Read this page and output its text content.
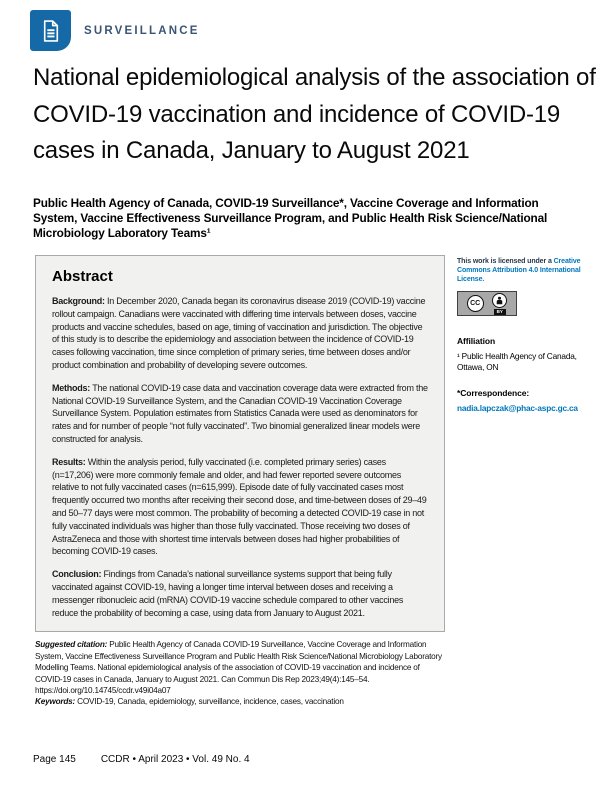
SURVEILLANCE
National epidemiological analysis of the association of COVID-19 vaccination and incidence of COVID-19 cases in Canada, January to August 2021

Public Health Agency of Canada, COVID-19 Surveillance*, Vaccine Coverage and Information System, Vaccine Effectiveness Surveillance Program, and Public Health Risk Science/National Microbiology Laboratory Teams¹

Abstract

Background: In December 2020, Canada began its coronavirus disease 2019 (COVID-19) vaccine rollout campaign. Canadians were vaccinated with differing time intervals between doses, vaccine products and vaccine schedules, based on age, timing of vaccination and jurisdiction. The objective of this study is to describe the epidemiology and association between the incidence of COVID-19 cases following vaccination, time since completion of primary series, time between doses and/or product combination and probability of developing severe outcomes.

Methods: The national COVID-19 case data and vaccination coverage data were extracted from the National COVID-19 Surveillance System, and the Canadian COVID-19 Vaccination Coverage Surveillance System. Population estimates from Statistics Canada were used as denominators for rates and for number of people “not fully vaccinated”. Two binomial generalized linear models were constructed for analysis.

Results: Within the analysis period, fully vaccinated (i.e. completed primary series) cases (n=17,206) were more commonly female and older, and had fewer reported severe outcomes relative to not fully vaccinated cases (n=615,999). Episode date of fully vaccinated cases most frequently occurred two months after receiving their second dose, and time-between doses of 29–49 and 50–77 days were most common. The probability of becoming a detected COVID-19 case in not fully vaccinated individuals was higher than those fully vaccinated. Those receiving two doses of AstraZeneca and those with shortest time intervals between doses had higher probabilities of becoming COVID-19 cases.

Conclusion: Findings from Canada’s national surveillance systems support that being fully vaccinated against COVID-19, having a longer time interval between doses and receiving a messenger ribonucleic acid (mRNA) COVID-19 vaccine schedule compared to other vaccines reduce the probability of becoming a case, using data from January to August 2021.

Suggested citation: Public Health Agency of Canada COVID-19 Surveillance, Vaccine Coverage and Information System, Vaccine Effectiveness Surveillance Program and Public Health Risk Science/National Microbiology Laboratory Modelling Teams. National epidemiological analysis of the association of COVID-19 vaccination and incidence of COVID-19 cases in Canada, January to August 2021. Can Commun Dis Rep 2023;49(4):145–54.
https://doi.org/10.14745/ccdr.v49i04a07

Keywords: COVID-19, Canada, epidemiology, surveillance, incidence, cases, vaccination

This work is licensed under a Creative Commons Attribution 4.0 International License.

CC
BY
Affiliation

¹ Public Health Agency of Canada, Ottawa, ON

*Correspondence:

nadia.lapczak@phac-aspc.gc.ca

Page 145	CCDR • April 2023 • Vol. 49 No. 4
